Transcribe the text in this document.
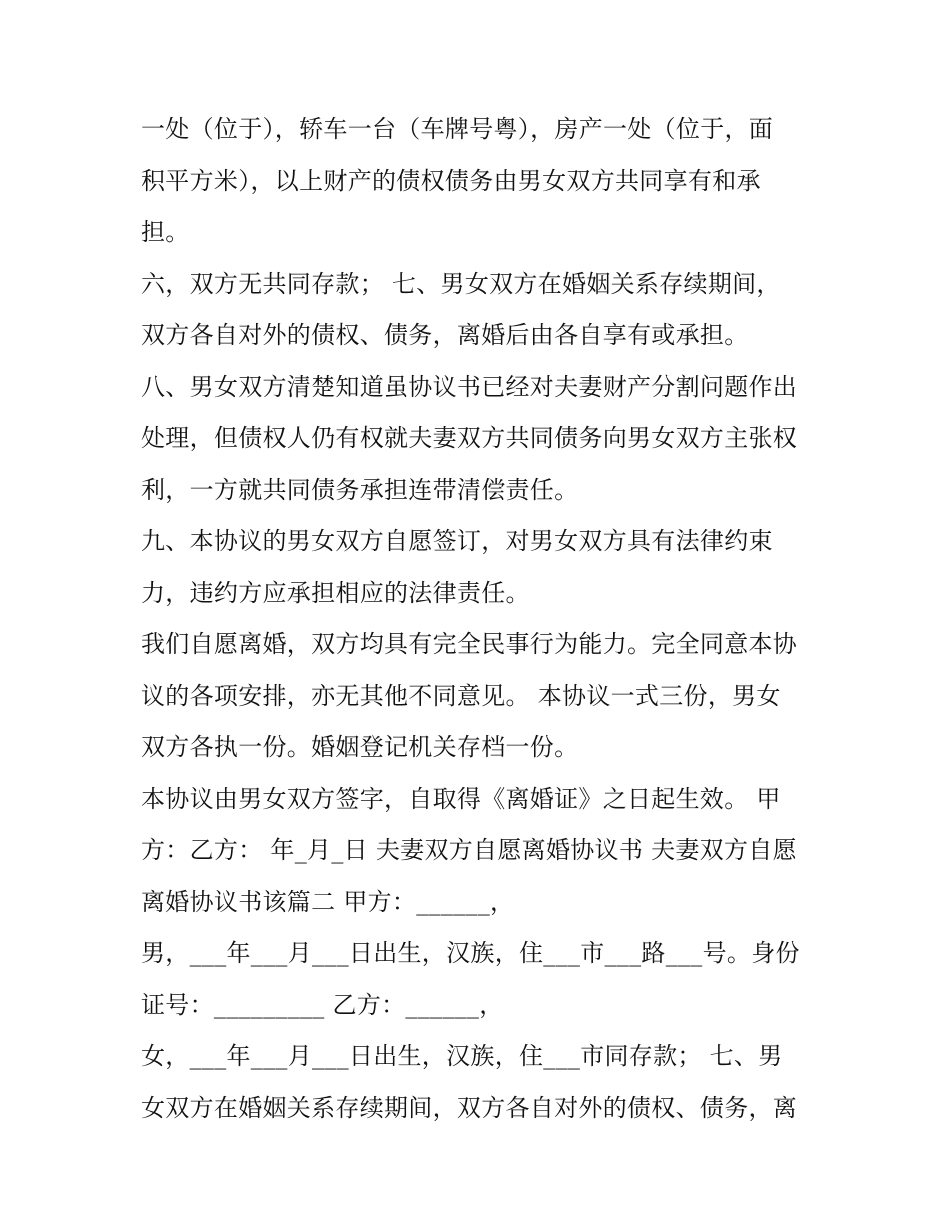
一处（位于），轿车一台（车牌号粤），房产一处（位于，面
积平方米），以上财产的债权债务由男女双方共同享有和承
担。
六，双方无共同存款； 七、男女双方在婚姻关系存续期间，
双方各自对外的债权、债务，离婚后由各自享有或承担。
八、男女双方清楚知道虽协议书已经对夫妻财产分割问题作出
处理，但债权人仍有权就夫妻双方共同债务向男女双方主张权
利，一方就共同债务承担连带清偿责任。
九、本协议的男女双方自愿签订，对男女双方具有法律约束
力，违约方应承担相应的法律责任。
我们自愿离婚，双方均具有完全民事行为能力。完全同意本协
议的各项安排，亦无其他不同意见。 本协议一式三份，男女
双方各执一份。婚姻登记机关存档一份。
本协议由男女双方签字，自取得《离婚证》之日起生效。 甲
方：乙方： 年_月_日 夫妻双方自愿离婚协议书 夫妻双方自愿
离婚协议书该篇二 甲方：______，
男，___年___月___日出生，汉族，住___市___路___号。身份
证号：_________ 乙方：______，
女，___年___月___日出生，汉族，住___市同存款； 七、男
女双方在婚姻关系存续期间，双方各自对外的债权、债务，离
